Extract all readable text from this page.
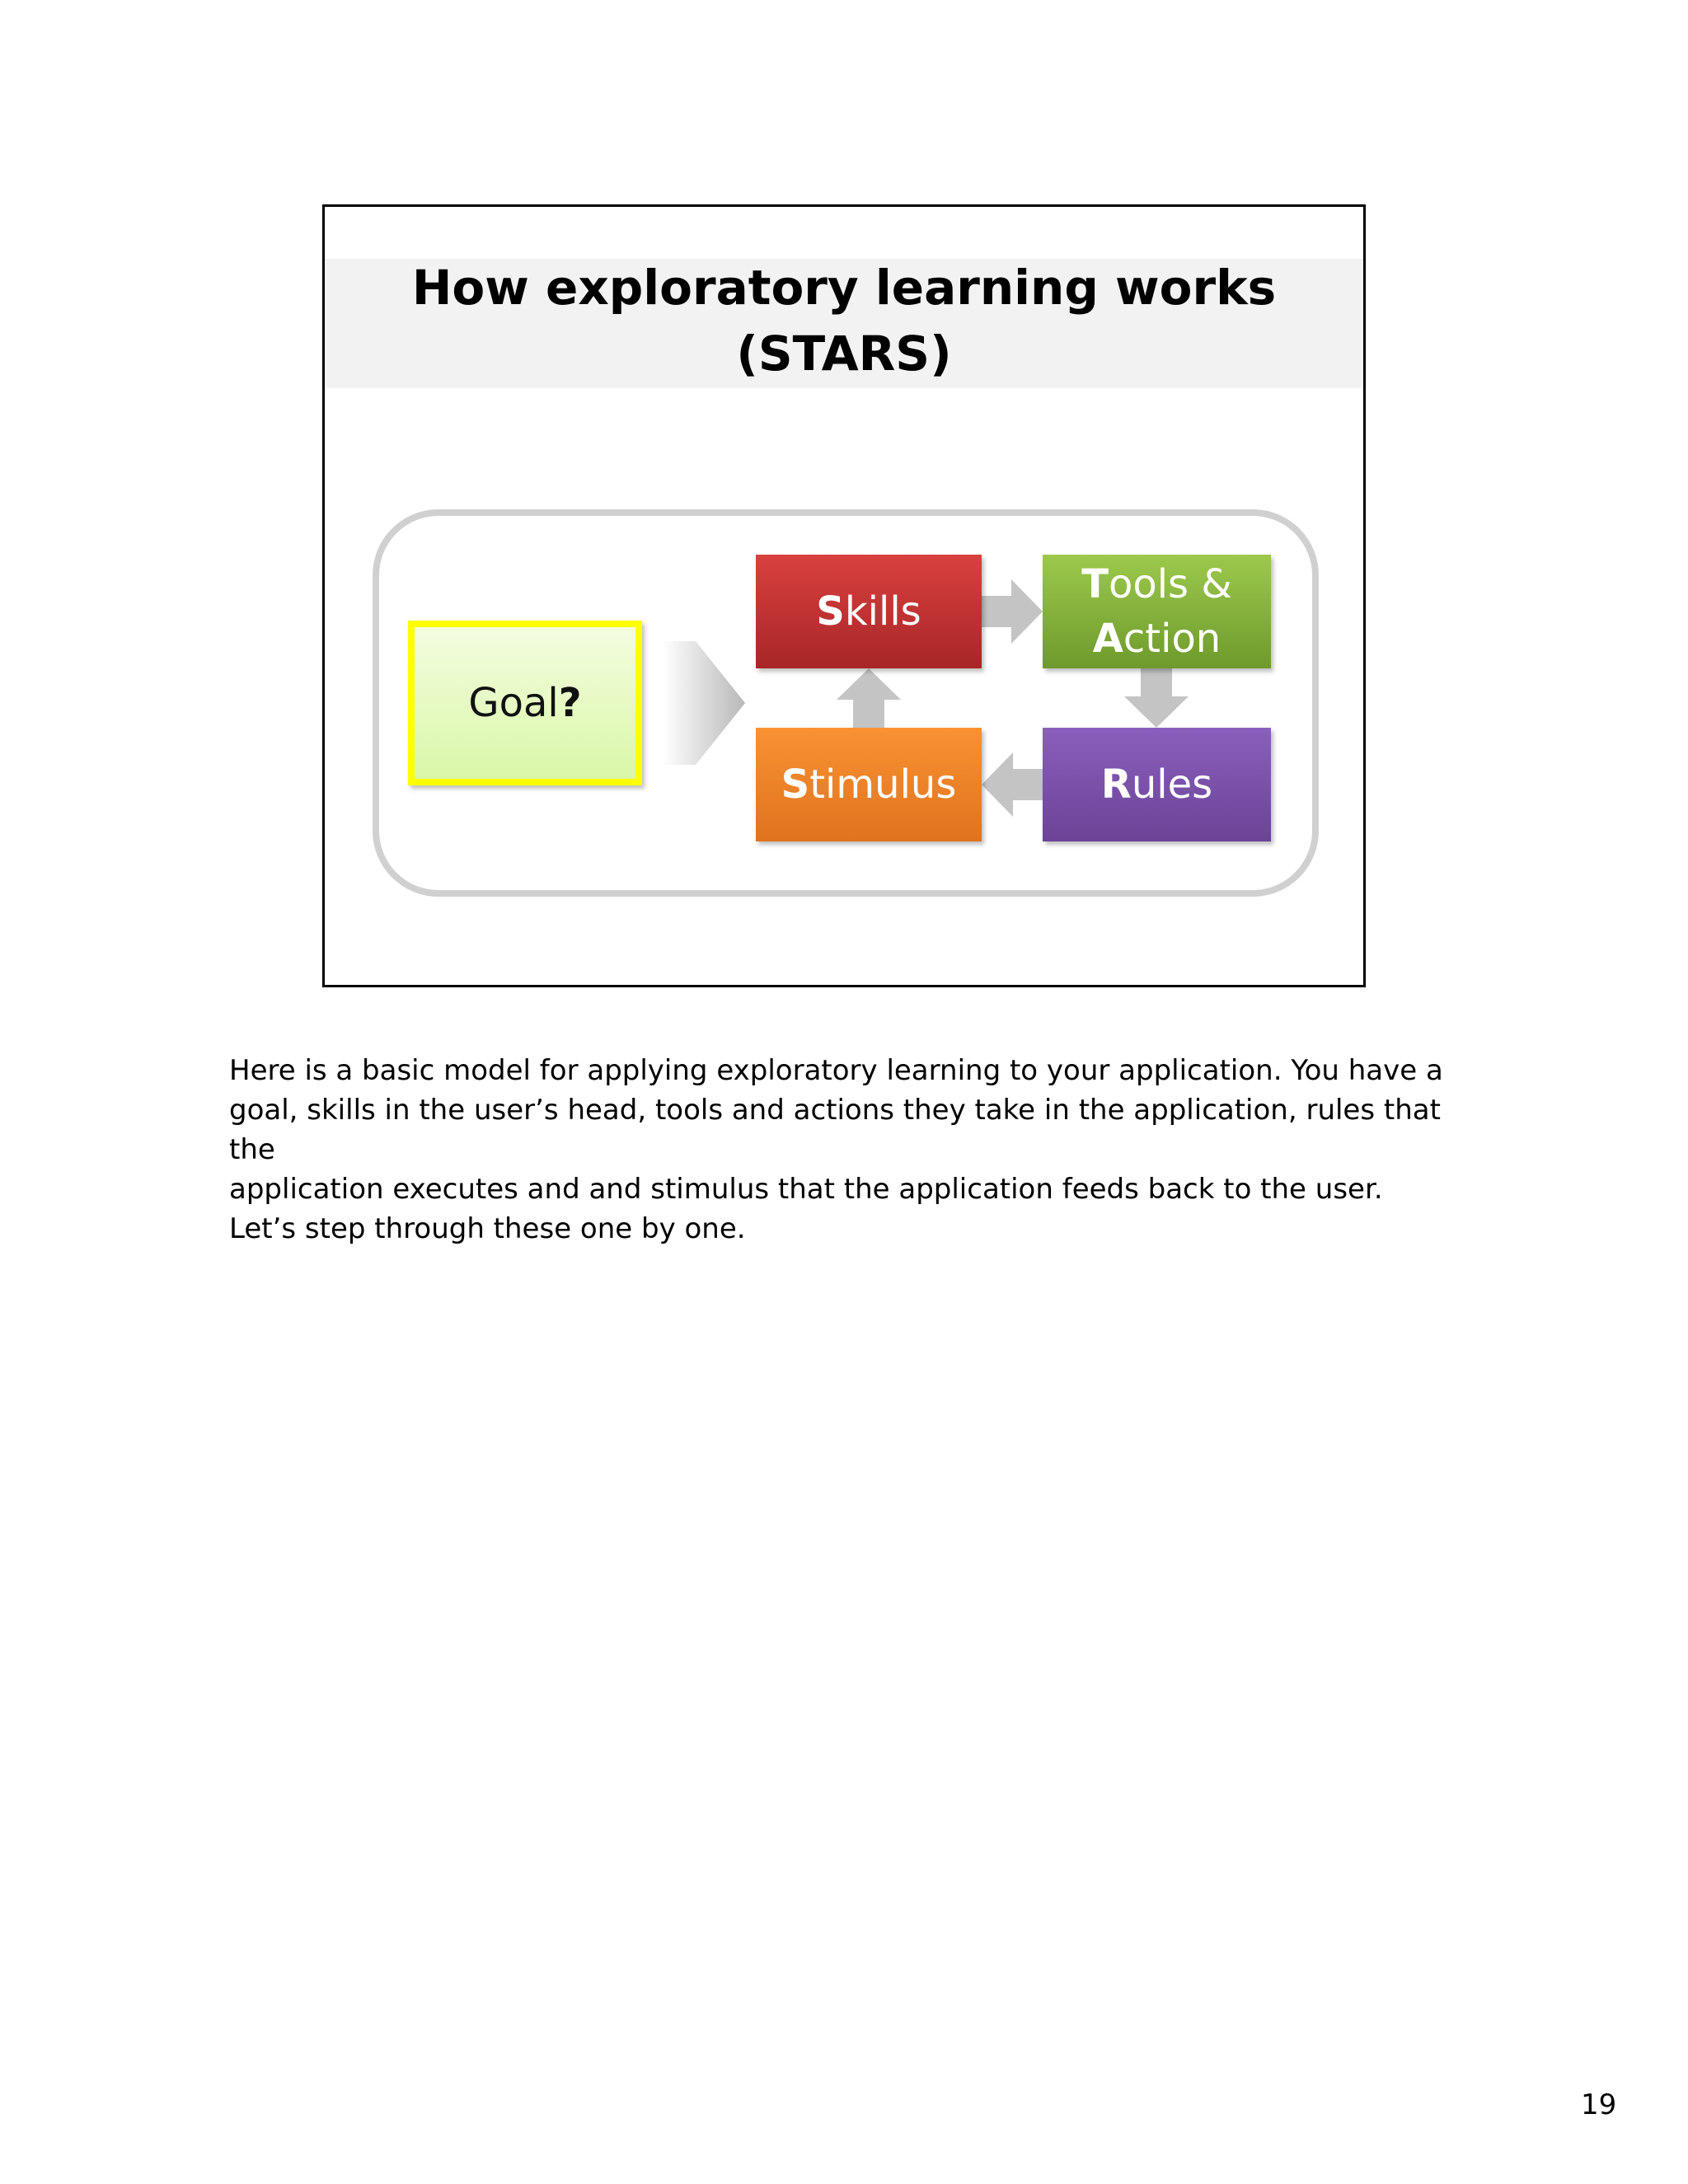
How exploratory learning works
(STARS)
Goal?
Skills
Tools &
Action
Stimulus	Rules

Here is a basic model for applying exploratory learning to your application. You have a
goal, skills in the user’s head, tools and actions they take in the application, rules that the
application executes and and stimulus that the application feeds back to the user.

Let’s step through these one by one.

19
